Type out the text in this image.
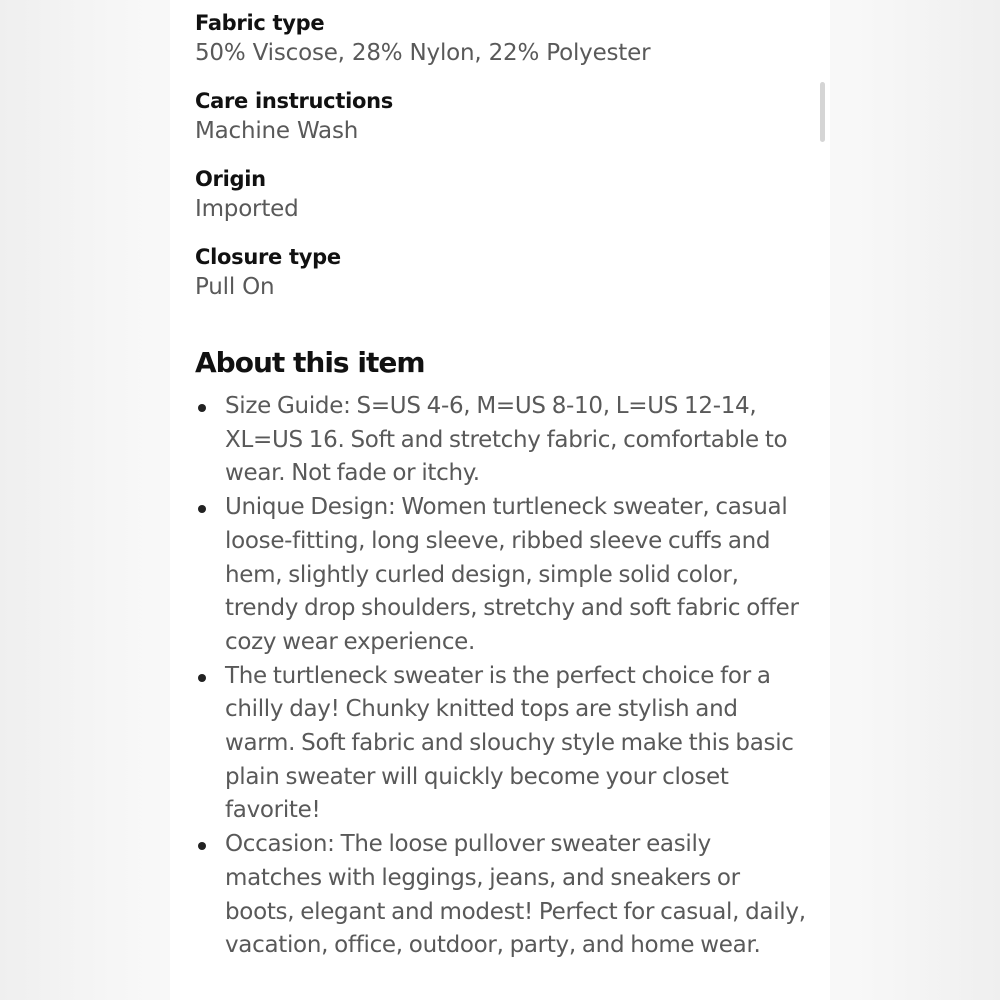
Fabric type
50% Viscose, 28% Nylon, 22% Polyester
Care instructions
Machine Wash
Origin
Imported
Closure type
Pull On
About this item
Size Guide: S=US 4-6, M=US 8-10, L=US 12-14, XL=US 16. Soft and stretchy fabric, comfortable to wear. Not fade or itchy.
Unique Design: Women turtleneck sweater, casual loose-fitting, long sleeve, ribbed sleeve cuffs and hem, slightly curled design, simple solid color, trendy drop shoulders, stretchy and soft fabric offer cozy wear experience.
The turtleneck sweater is the perfect choice for a chilly day! Chunky knitted tops are stylish and warm. Soft fabric and slouchy style make this basic plain sweater will quickly become your closet favorite!
Occasion: The loose pullover sweater easily matches with leggings, jeans, and sneakers or boots, elegant and modest! Perfect for casual, daily, vacation, office, outdoor, party, and home wear.
